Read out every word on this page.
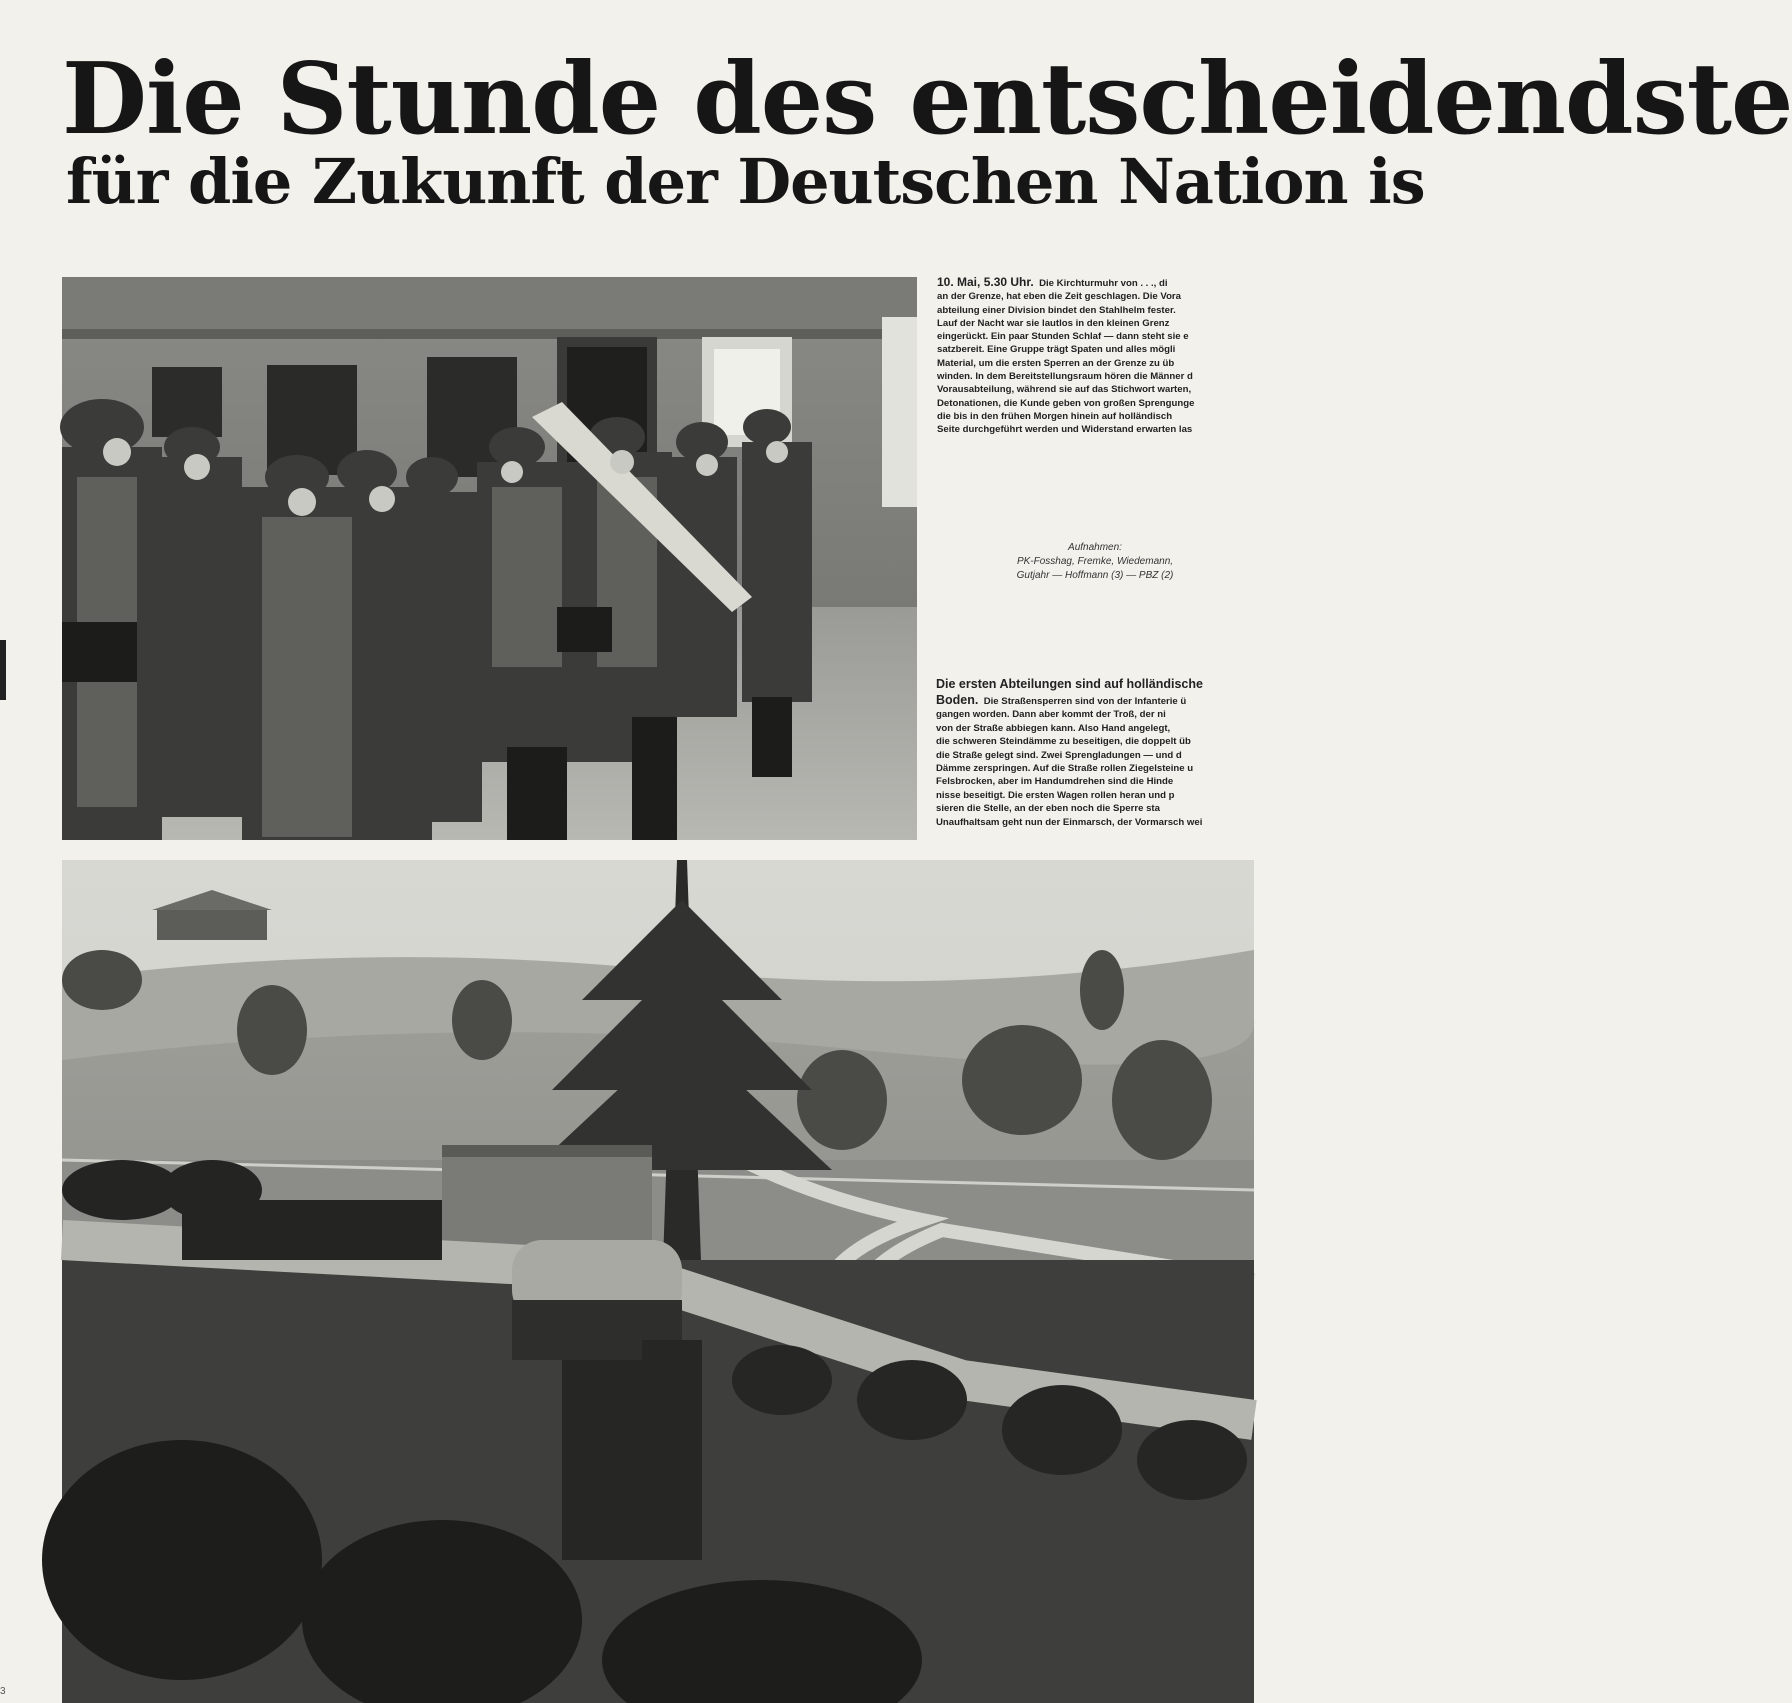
Die Stunde des entscheidendste
für die Zukunft der Deutschen Nation is

10. Mai, 5.30 Uhr. Die Kirchturmuhr von . . ., di

an der Grenze, hat eben die Zeit geschlagen. Die Vora

abteilung einer Division bindet den Stahlhelm fester.

Lauf der Nacht war sie lautlos in den kleinen Grenz

eingerückt. Ein paar Stunden Schlaf — dann steht sie e

satzbereit. Eine Gruppe trägt Spaten und alles mögli

Material, um die ersten Sperren an der Grenze zu üb

winden. In dem Bereitstellungsraum hören die Männer d

Vorausabteilung, während sie auf das Stichwort warten,

Detonationen, die Kunde geben von großen Sprengunge

die bis in den frühen Morgen hinein auf holländisch

Seite durchgeführt werden und Widerstand erwarten las

Aufnahmen:
PK-Fosshag, Fremke, Wiedemann,
Gutjahr — Hoffmann (3) — PBZ (2)

Die ersten Abteilungen sind auf holländische

Boden. Die Straßensperren sind von der Infanterie ü

gangen worden. Dann aber kommt der Troß, der ni

von der Straße abbiegen kann. Also Hand angelegt,

die schweren Steindämme zu beseitigen, die doppelt üb

die Straße gelegt sind. Zwei Sprengladungen — und d

Dämme zerspringen. Auf die Straße rollen Ziegelsteine u

Felsbrocken, aber im Handumdrehen sind die Hinde

nisse beseitigt. Die ersten Wagen rollen heran und p

sieren die Stelle, an der eben noch die Sperre sta

Unaufhaltsam geht nun der Einmarsch, der Vormarsch wei

3
